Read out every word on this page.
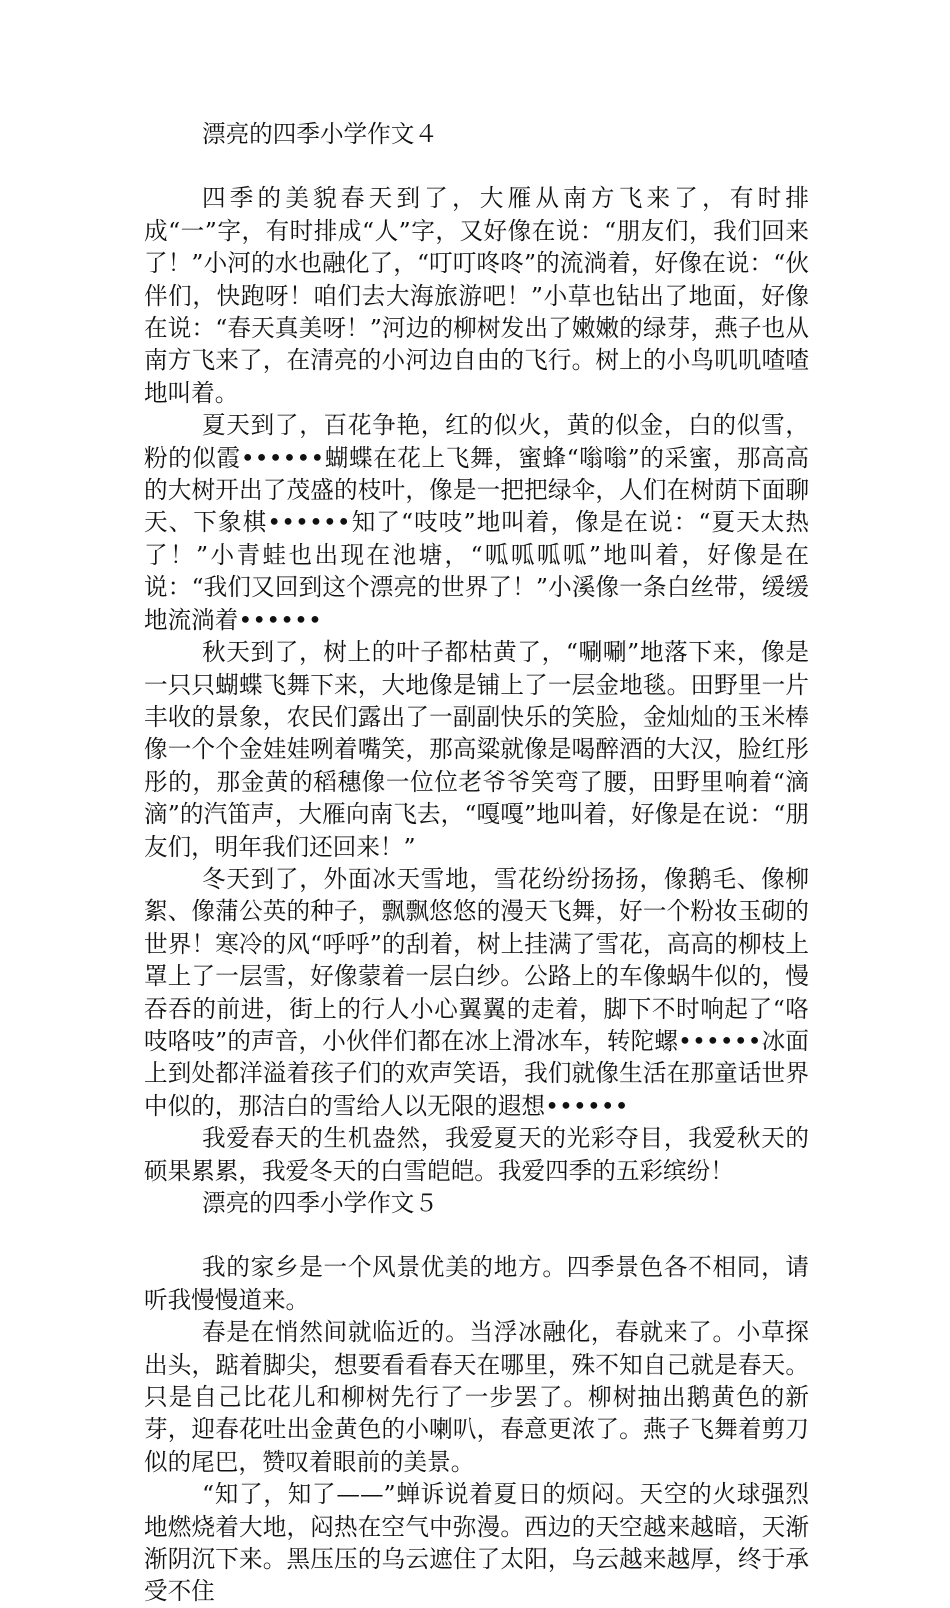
漂亮的四季小学作文４

四季的美貌春天到了，大雁从南方飞来了，有时排成“一”字，有时排成“人”字，又好像在说：“朋友们，我们回来了！”小河的水也融化了，“叮叮咚咚”的流淌着，好像在说：“伙伴们，快跑呀！咱们去大海旅游吧！”小草也钻出了地面，好像在说：“春天真美呀！”河边的柳树发出了嫩嫩的绿芽，燕子也从南方飞来了，在清亮的小河边自由的飞行。树上的小鸟叽叽喳喳地叫着。

夏天到了，百花争艳，红的似火，黄的似金，白的似雪，粉的似霞••••••蝴蝶在花上飞舞，蜜蜂“嗡嗡”的采蜜，那高高的大树开出了茂盛的枝叶，像是一把把绿伞，人们在树荫下面聊天、下象棋••••••知了“吱吱”地叫着，像是在说：“夏天太热了！”小青蛙也出现在池塘，“呱呱呱呱”地叫着，好像是在说：“我们又回到这个漂亮的世界了！”小溪像一条白丝带，缓缓地流淌着••••••

秋天到了，树上的叶子都枯黄了，“唰唰”地落下来，像是一只只蝴蝶飞舞下来，大地像是铺上了一层金地毯。田野里一片丰收的景象，农民们露出了一副副快乐的笑脸，金灿灿的玉米棒像一个个金娃娃咧着嘴笑，那高粱就像是喝醉酒的大汉，脸红彤彤的，那金黄的稻穗像一位位老爷爷笑弯了腰，田野里响着“滴滴”的汽笛声，大雁向南飞去，“嘎嘎”地叫着，好像是在说：“朋友们，明年我们还回来！”

冬天到了，外面冰天雪地，雪花纷纷扬扬，像鹅毛、像柳絮、像蒲公英的种子，飘飘悠悠的漫天飞舞，好一个粉妆玉砌的世界！寒冷的风“呼呼”的刮着，树上挂满了雪花，高高的柳枝上罩上了一层雪，好像蒙着一层白纱。公路上的车像蜗牛似的，慢吞吞的前进，街上的行人小心翼翼的走着，脚下不时响起了“咯吱咯吱”的声音，小伙伴们都在冰上滑冰车，转陀螺••••••冰面上到处都洋溢着孩子们的欢声笑语，我们就像生活在那童话世界中似的，那洁白的雪给人以无限的遐想••••••

我爱春天的生机盎然，我爱夏天的光彩夺目，我爱秋天的硕果累累，我爱冬天的白雪皑皑。我爱四季的五彩缤纷！

漂亮的四季小学作文５

我的家乡是一个风景优美的地方。四季景色各不相同，请听我慢慢道来。

春是在悄然间就临近的。当浮冰融化，春就来了。小草探出头，踮着脚尖，想要看看春天在哪里，殊不知自己就是春天。只是自己比花儿和柳树先行了一步罢了。柳树抽出鹅黄色的新芽，迎春花吐出金黄色的小喇叭，春意更浓了。燕子飞舞着剪刀似的尾巴，赞叹着眼前的美景。

“知了，知了——”蝉诉说着夏日的烦闷。天空的火球强烈地燃烧着大地，闷热在空气中弥漫。西边的天空越来越暗，天渐渐阴沉下来。黑压压的乌云遮住了太阳，乌云越来越厚，终于承受不住
